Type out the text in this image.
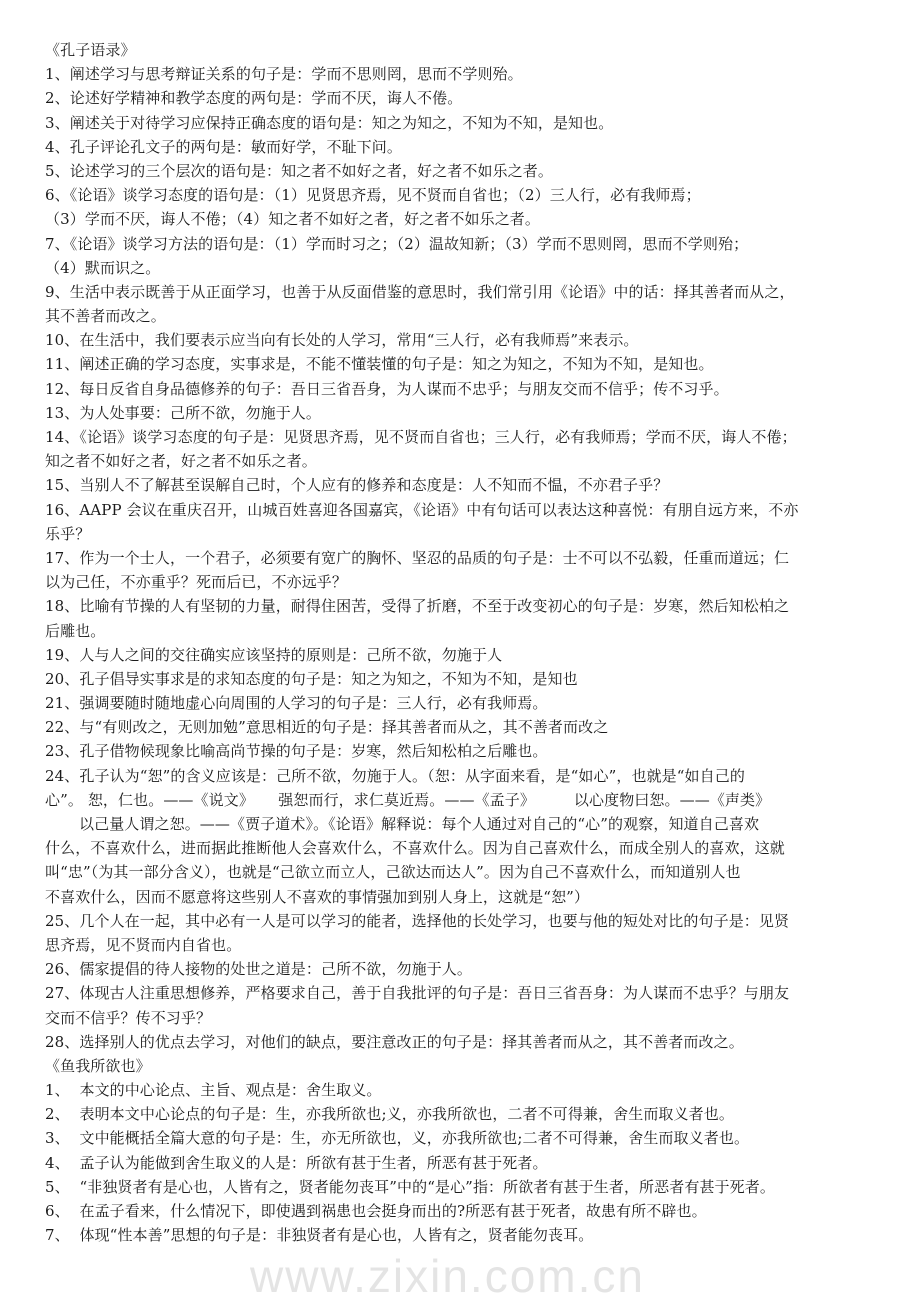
www.zixin.com.cn
《孔子语录》
1、阐述学习与思考辩证关系的句子是：学而不思则罔，思而不学则殆。
2、论述好学精神和教学态度的两句是：学而不厌，诲人不倦。
3、阐述关于对待学习应保持正确态度的语句是：知之为知之，不知为不知，是知也。
4、孔子评论孔文子的两句是：敏而好学，不耻下问。
5、论述学习的三个层次的语句是：知之者不如好之者，好之者不如乐之者。
6、《论语》谈学习态度的语句是：（1）见贤思齐焉，见不贤而自省也；（2）三人行，必有我师焉；
（3）学而不厌，诲人不倦；（4）知之者不如好之者，好之者不如乐之者。
7、《论语》谈学习方法的语句是：（1）学而时习之；（2）温故知新；（3）学而不思则罔，思而不学则殆；
（4）默而识之。
9、生活中表示既善于从正面学习，也善于从反面借鉴的意思时，我们常引用《论语》中的话：择其善者而从之，
其不善者而改之。
10、在生活中，我们要表示应当向有长处的人学习，常用“三人行，必有我师焉”来表示。
11、阐述正确的学习态度，实事求是，不能不懂装懂的句子是：知之为知之，不知为不知，是知也。
12、每日反省自身品德修养的句子：吾日三省吾身，为人谋而不忠乎；与朋友交而不信乎；传不习乎。
13、为人处事要：己所不欲，勿施于人。
14、《论语》谈学习态度的句子是：见贤思齐焉，见不贤而自省也；三人行，必有我师焉；学而不厌，诲人不倦；
知之者不如好之者，好之者不如乐之者。
15、当别人不了解甚至误解自己时，个人应有的修养和态度是：人不知而不愠，不亦君子乎？
16、AAPP 会议在重庆召开，山城百姓喜迎各国嘉宾，《论语》中有句话可以表达这种喜悦：有朋自远方来，不亦
乐乎？
17、作为一个士人，一个君子，必须要有宽广的胸怀、坚忍的品质的句子是：士不可以不弘毅，任重而道远；仁
以为己任，不亦重乎？死而后已，不亦远乎？
18、比喻有节操的人有坚韧的力量，耐得住困苦，受得了折磨，不至于改变初心的句子是：岁寒，然后知松柏之
后雕也。
19、人与人之间的交往确实应该坚持的原则是：己所不欲，勿施于人
20、孔子倡导实事求是的求知态度的句子是：知之为知之，不知为不知，是知也
21、强调要随时随地虚心向周围的人学习的句子是：三人行，必有我师焉。
22、与“有则改之，无则加勉”意思相近的句子是：择其善者而从之，其不善者而改之
23、孔子借物候现象比喻高尚节操的句子是：岁寒，然后知松柏之后雕也。
24、孔子认为“恕”的含义应该是：己所不欲，勿施于人。（恕：从字面来看，是“如心”，也就是“如自己的
心”。 恕，仁也。——《说文》     强恕而行，求仁莫近焉。——《孟子》        以心度物曰恕。——《声类》
以己量人谓之恕。——《贾子道术》。《论语》解释说：每个人通过对自己的“心”的观察，知道自己喜欢
什么，不喜欢什么，进而据此推断他人会喜欢什么，不喜欢什么。因为自己喜欢什么，而成全别人的喜欢，这就
叫“忠”（为其一部分含义），也就是“己欲立而立人，己欲达而达人”。因为自己不喜欢什么，而知道别人也
不喜欢什么，因而不愿意将这些别人不喜欢的事情强加到别人身上，这就是“恕”）
25、几个人在一起，其中必有一人是可以学习的能者，选择他的长处学习，也要与他的短处对比的句子是：见贤
思齐焉，见不贤而内自省也。
26、儒家提倡的待人接物的处世之道是：己所不欲，勿施于人。
27、体现古人注重思想修养，严格要求自己，善于自我批评的句子是：吾日三省吾身：为人谋而不忠乎？与朋友
交而不信乎？传不习乎？
28、选择别人的优点去学习，对他们的缺点，要注意改正的句子是：择其善者而从之，其不善者而改之。
《鱼我所欲也》
1、  本文的中心论点、主旨、观点是：舍生取义。
2、  表明本文中心论点的句子是：生，亦我所欲也;义，亦我所欲也，二者不可得兼，舍生而取义者也。
3、  文中能概括全篇大意的句子是：生，亦无所欲也，义，亦我所欲也;二者不可得兼，舍生而取义者也。
4、  孟子认为能做到舍生取义的人是：所欲有甚于生者，所恶有甚于死者。
5、  “非独贤者有是心也，人皆有之，贤者能勿丧耳”中的“是心”指：所欲者有甚于生者，所恶者有甚于死者。
6、  在孟子看来，什么情况下，即使遇到祸患也会挺身而出的?所恶有甚于死者，故患有所不辟也。
7、  体现“性本善”思想的句子是：非独贤者有是心也，人皆有之，贤者能勿丧耳。
